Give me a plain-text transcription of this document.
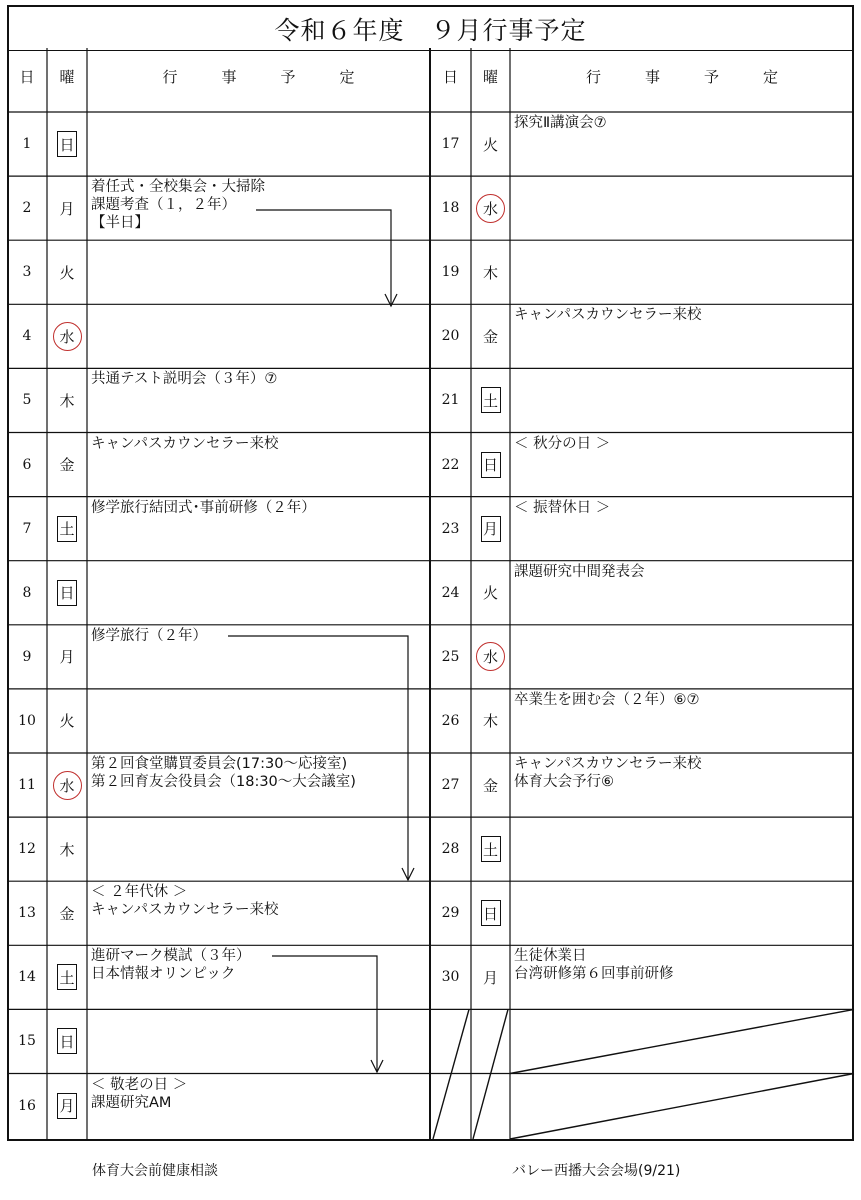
令和６年度　９月行事予定
日	曜	行	事	予	定	日	曜	行	事	予	定
1	日
2	月
着任式・全校集会・大掃除
課題考査（１，２年）
【半日】
3	火
4	水
5	木
共通テスト説明会（３年）⑦
6	金
キャンパスカウンセラー来校
7	土
修学旅行結団式･事前研修（２年）
8	日
9	月
修学旅行（２年）
10	火
11	水
第２回食堂購買委員会(17:30～応接室)
第２回育友会役員会（18:30～大会議室)
12	木
13	金
＜ ２年代休 ＞
キャンパスカウンセラー来校
14	土
進研マーク模試（３年）
日本情報オリンピック
15	日
16	月
＜ 敬老の日 ＞
課題研究AM
17	火
探究Ⅱ講演会⑦
18	水
19	木
20	金
キャンパスカウンセラー来校
21	土
22	日
＜ 秋分の日 ＞
23	月
＜ 振替休日 ＞
24	火
課題研究中間発表会
25	水
26	木
卒業生を囲む会（２年）⑥⑦
27	金
キャンパスカウンセラー来校
体育大会予行⑥
28	土
29	日
30	月
生徒休業日
台湾研修第６回事前研修
体育大会前健康相談	バレー西播大会会場(9/21)
